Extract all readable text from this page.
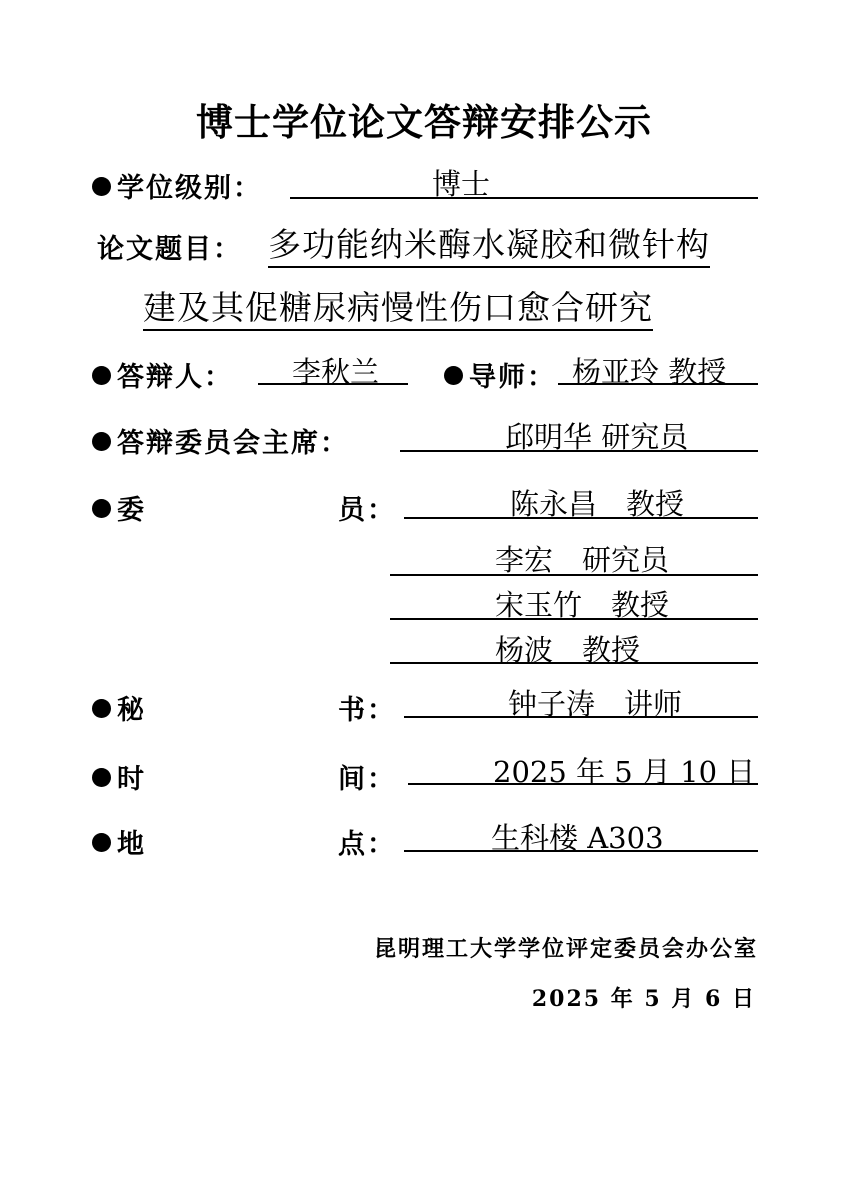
博士学位论文答辩安排公示
学位级别：	博士
论文题目： 多功能纳米酶水凝胶和微针构
建及其促糖尿病慢性伤口愈合研究
答辩人： 李秋兰	导师： 杨亚玲 教授
答辩委员会主席：	邱明华 研究员
委	员：	陈永昌　教授
李宏　研究员
宋玉竹　教授
杨波　教授
秘	书：	钟子涛　讲师
时	间：	2025 年 5 月 10 日
地	点：	生科楼 A303
昆明理工大学学位评定委员会办公室
2025 年 5 月 6 日
